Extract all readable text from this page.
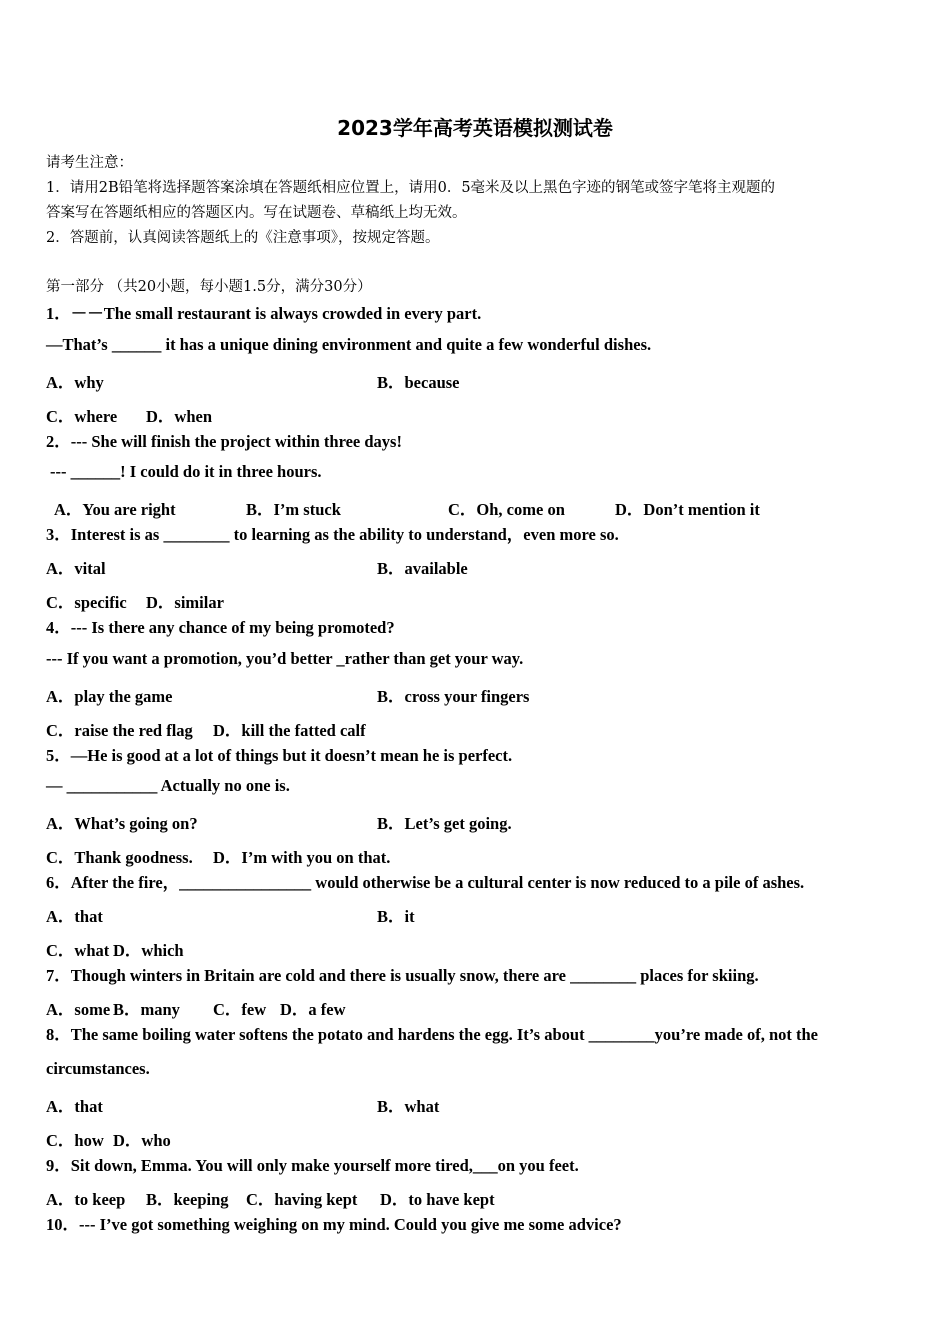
2023学年高考英语模拟测试卷
请考生注意：
1．请用2B铅笔将选择题答案涂填在答题纸相应位置上，请用0．5毫米及以上黑色字迹的钢笔或签字笔将主观题的
答案写在答题纸相应的答题区内。写在试题卷、草稿纸上均无效。
2．答题前，认真阅读答题纸上的《注意事项》，按规定答题。
第一部分 （共20小题，每小题1.5分，满分30分）
1．－－The small restaurant is always crowded in every part.
—That’s ______ it has a unique dining environment and quite a few wonderful dishes.
A．why	B．because
C．where D．when
2．--- She will finish the project within three days!
--- ______! I could do it in three hours.
A．You are right	B．I’m stuck	C．Oh, come on	D．Don’t mention it
3．Interest is as ________ to learning as the ability to understand，even more so.
A．vital	B．available
C．specific D．similar
4．--- Is there any chance of my being promoted?
--- If you want a promotion, you’d better _rather than get your way.
A．play the game	B．cross your fingers
C．raise the red flag D．kill the fatted calf
5．—He is good at a lot of things but it doesn’t mean he is perfect.
— ___________ Actually no one is.
A．What’s going on?	B．Let’s get going.
C．Thank goodness. D．I’m with you on that.
6．After the fire，________________ would otherwise be a cultural center is now reduced to a pile of ashes.
A．that	B．it
C．what D．which
7．Though winters in Britain are cold and there is usually snow, there are ________ places for skiing.
A．some B．many C．few D．a few
8．The same boiling water softens the potato and hardens the egg. It’s about ________you’re made of, not the
circumstances.
A．that	B．what
C．how D．who
9．Sit down, Emma. You will only make yourself more tired,___on you feet.
A．to keep B．keeping C．having kept D．to have kept
10．--- I’ve got something weighing on my mind. Could you give me some advice?
